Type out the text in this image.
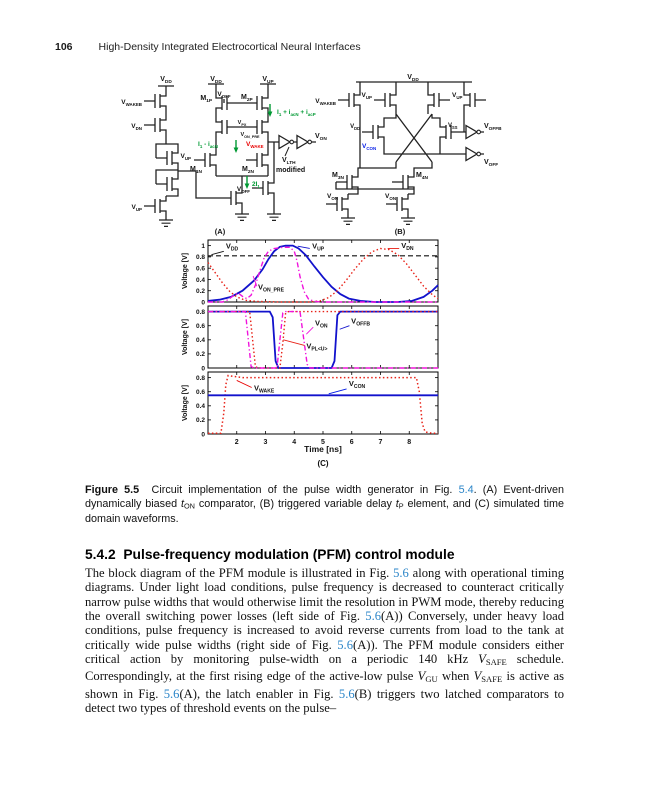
106 High-Density Integrated Electrocortical Neural Interfaces
$V_{DD}$
$V_{WAKEB}$
$V_{DN}$
$V_{DD}$
$V_{OFF}$
$V_{UP}$
$M_{1P}$
$M_{2P}$
$V_{PX}$
$I_1 + i_{acN} + i_{acP}$
$V_{ON\_PRE}$	$V_{ON}$
$V_{UP}$
$I_1 - i_{acN}$	$V_{WAKE}$
$M_{1N}$	$M_{2N}$
$2I_1$
$V_{LTH}$
modified
$V_{UP}$
$V_{OFF}$
(A)
$V_{DD}$
$V_{WAKEB}$
$V_{UP}$	$V_{UP}$
$V_{DD}$	$V_{SS}$	$V_{OFFB}$
$V_{OFF}$
$V_{CON}$
$M_{3N}$	$M_{4N}$
$V_{ON}$	$V_{ON}$
(B)
0
0.2
0.4
0.6
0.8
1
Voltage [V]
$V_{DD}$	$V_{UP}$	$V_{DN}$
$V_{ON\_PRE}$
0
0.2
0.4
0.6
0.8
Voltage [V]	$V_{ON}$
$V_{OFFB}$
$V_{PL<U>}$
0
0.2
0.4
0.6
0.8
2	3	4	5	6	7	8
Voltage [V]	$V_{WAKE}$
$V_{CON}$
Time [ns]
(C)
Figure 5.5  Circuit implementation of the pulse width generator in Fig. 5.4. (A) Event-driven dynamically biased tON comparator, (B) triggered variable delay tP element, and (C) simulated time domain waveforms.
5.4.2  Pulse-frequency modulation (PFM) control module

The block diagram of the PFM module is illustrated in Fig. 5.6 along with operational timing diagrams. Under light load conditions, pulse frequency is decreased to counteract critically narrow pulse widths that would otherwise limit the resolution in PWM mode, thereby reducing the overall switching power losses (left side of Fig. 5.6(A)) Conversely, under heavy load conditions, pulse frequency is increased to avoid reverse currents from load to the tank at critically wide pulse widths (right side of Fig. 5.6(A)). The PFM module considers either critical action by monitoring pulse-width on a periodic 140 kHz VSAFE schedule. Correspondingly, at the first rising edge of the active-low pulse VGU when VSAFE is active as shown in Fig. 5.6(A), the latch enabler in Fig. 5.6(B) triggers two latched comparators to detect two types of threshold events on the pulse–
